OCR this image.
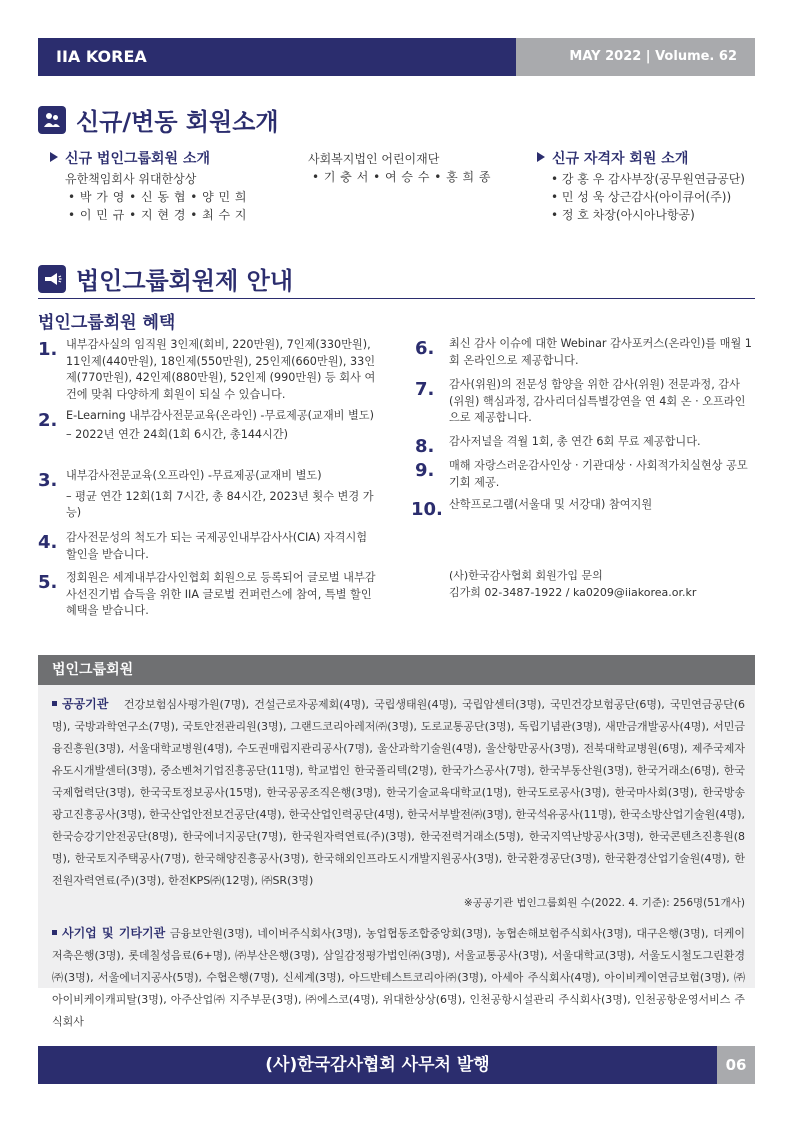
IIA KOREA	MAY 2022 | Volume. 62
신규/변동 회원소개
신규 법인그룹회원 소개
유한책임회사 위대한상상
• 박 가 영 • 신 동 협 • 양 민 희
• 이 민 규 • 지 현 경 • 최 수 지
사회복지법인 어린이재단
• 기 충 서 • 여 승 수 • 홍 희 종
신규 자격자 회원 소개
• 강 홍 우 감사부장(공무원연금공단)
• 민 성 욱 상근감사(아이큐어(주))
• 정 호 차장(아시아나항공)
법인그룹회원제 안내
법인그룹회원 혜택
1. 내부감사실의 임직원 3인제(회비, 220만원), 7인제(330만원), 11인제(440만원), 18인제(550만원), 25인제(660만원), 33인제(770만원), 42인제(880만원), 52인제 (990만원) 등 회사 여건에 맞춰 다양하게 회원이 되실 수 있습니다.
2. E-Learning 내부감사전문교육(온라인) -무료제공(교재비 별도)
– 2022년 연간 24회(1회 6시간, 총144시간)
3. 내부감사전문교육(오프라인) -무료제공(교재비 별도)
– 평균 연간 12회(1회 7시간, 총 84시간, 2023년 횟수 변경 가능)
4. 감사전문성의 척도가 되는 국제공인내부감사사(CIA) 자격시험 할인을 받습니다.
5. 정회원은 세계내부감사인협회 회원으로 등록되어 글로벌 내부감사선진기법 습득을 위한 IIA 글로벌 컨퍼런스에 참여, 특별 할인 혜택을 받습니다.
6.	최신 감사 이슈에 대한 Webinar 감사포커스(온라인)를 매월 1회 온라인으로 제공합니다.
7.	감사(위원)의 전문성 함양을 위한 감사(위원) 전문과정, 감사(위원) 핵심과정, 감사리더십특별강연을 연 4회 온 · 오프라인으로 제공합니다.
8.	감사저널을 격월 1회, 총 연간 6회 무료 제공합니다.
9.	매해 자랑스러운감사인상 · 기관대상 · 사회적가치실현상 공모기회 제공.
10. 산학프로그램(서울대 및 서강대) 참여지원
(사)한국감사협회 회원가입 문의
김가희 02-3487-1922 / ka0209@iiakorea.or.kr
법인그룹회원
공공기관 건강보험심사평가원(7명), 건설근로자공제회(4명), 국립생태원(4명), 국립암센터(3명), 국민건강보험공단(6명), 국민연금공단(6명), 국방과학연구소(7명), 국토안전관리원(3명), 그랜드코리아레저㈜(3명), 도로교통공단(3명), 독립기념관(3명), 새만금개발공사(4명), 서민금융진흥원(3명), 서울대학교병원(4명), 수도권매립지관리공사(7명), 울산과학기술원(4명), 울산항만공사(3명), 전북대학교병원(6명), 제주국제자유도시개발센터(3명), 중소벤처기업진흥공단(11명), 학교법인 한국폴리텍(2명), 한국가스공사(7명), 한국부동산원(3명), 한국거래소(6명), 한국국제협력단(3명), 한국국토정보공사(15명), 한국공공조직은행(3명), 한국기술교육대학교(1명), 한국도로공사(3명), 한국마사회(3명), 한국방송광고진흥공사(3명), 한국산업안전보건공단(4명), 한국산업인력공단(4명), 한국서부발전㈜(3명), 한국석유공사(11명), 한국소방산업기술원(4명), 한국승강기안전공단(8명), 한국에너지공단(7명), 한국원자력연료(주)(3명), 한국전력거래소(5명), 한국지역난방공사(3명), 한국콘텐츠진흥원(8명), 한국토지주택공사(7명), 한국해양진흥공사(3명), 한국해외인프라도시개발지원공사(3명), 한국환경공단(3명), 한국환경산업기술원(4명), 한전원자력연료(주)(3명), 한전KPS㈜(12명), ㈜SR(3명)
※공공기관 법인그룹회원 수(2022. 4. 기준): 256명(51개사)
사기업 및 기타기관 금융보안원(3명), 네이버주식회사(3명), 농업협동조합중앙회(3명), 농협손해보험주식회사(3명), 대구은행(3명), 더케이저축은행(3명), 롯데칠성음료(6+명), ㈜부산은행(3명), 삼일감정평가법인㈜(3명), 서울교통공사(3명), 서울대학교(3명), 서울도시철도그린환경㈜(3명), 서울에너지공사(5명), 수협은행(7명), 신세계(3명), 아드반테스트코리아㈜(3명), 아세아 주식회사(4명), 아이비케이연금보험(3명), ㈜아이비케이캐피탈(3명), 아주산업㈜ 지주부문(3명), ㈜에스코(4명), 위대한상상(6명), 인천공항시설관리 주식회사(3명), 인천공항운영서비스 주식회사
(사)한국감사협회 사무처 발행	06
